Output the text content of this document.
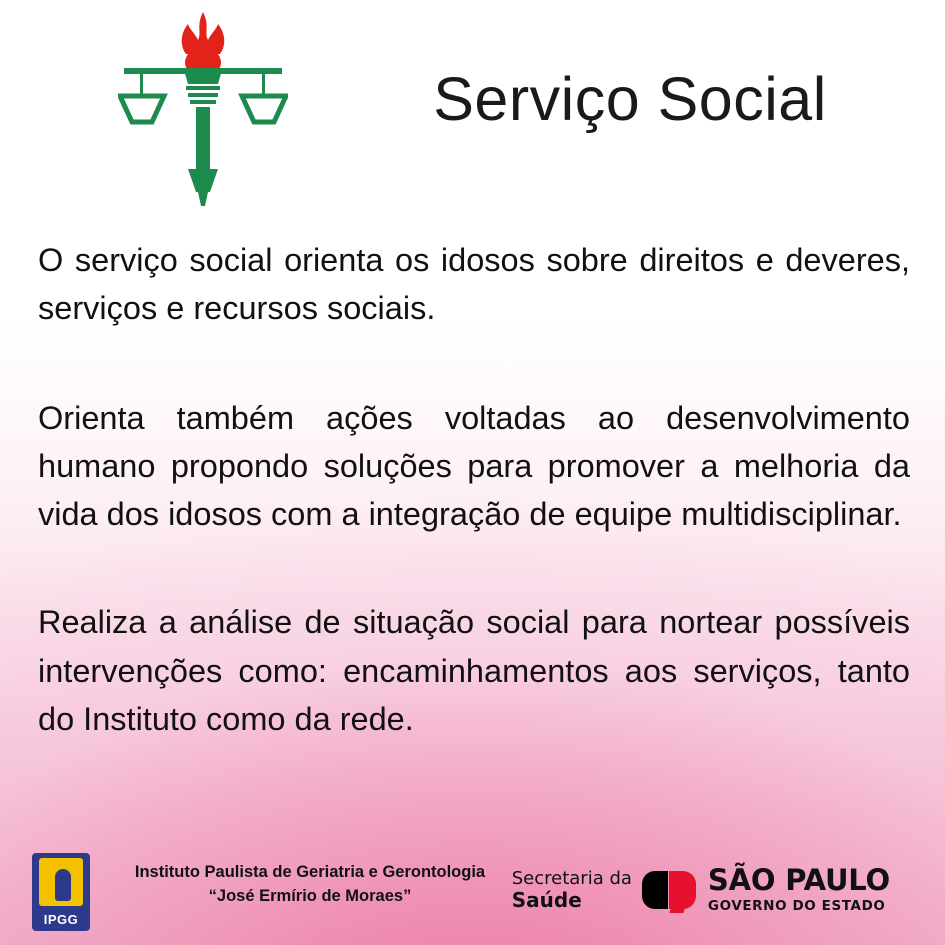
Serviço Social

O serviço social orienta os idosos sobre direitos e deveres, serviços e recursos sociais.

Orienta também ações voltadas ao desenvolvimento humano propondo soluções para promover a melhoria da vida dos idosos com a integração de equipe multidisciplinar.

Realiza a análise de situação social para nortear possíveis intervenções como: encaminhamentos aos serviços, tanto do Instituto como da rede.

IPGG
Instituto Paulista de Geriatria e Gerontologia
“José Ermírio de Moraes”
Secretaria da
Saúde
SÃO PAULO
GOVERNO DO ESTADO
